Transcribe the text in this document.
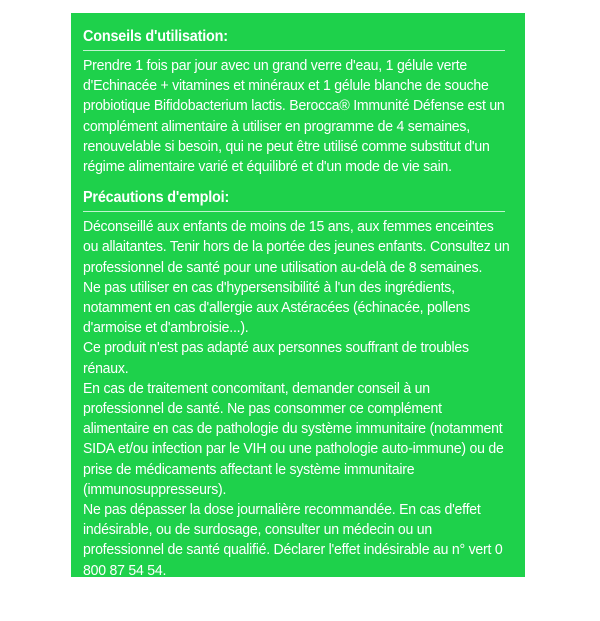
Conseils d'utilisation:

Prendre 1 fois par jour avec un grand verre d'eau, 1 gélule verte d'Echinacée + vitamines et minéraux et 1 gélule blanche de souche probiotique Bifidobacterium lactis. Berocca® Immunité Défense est un complément alimentaire à utiliser en programme de 4 semaines, renouvelable si besoin, qui ne peut être utilisé comme substitut d'un régime alimentaire varié et équilibré et d'un mode de vie sain.

Précautions d'emploi:

Déconseillé aux enfants de moins de 15 ans, aux femmes enceintes ou allaitantes. Tenir hors de la portée des jeunes enfants. Consultez un professionnel de santé pour une utilisation au-delà de 8 semaines.

Ne pas utiliser en cas d'hypersensibilité à l'un des ingrédients, notamment en cas d'allergie aux Astéracées (échinacée, pollens d'armoise et d'ambroisie...).

Ce produit n'est pas adapté aux personnes souffrant de troubles rénaux.

En cas de traitement concomitant, demander conseil à un professionnel de santé. Ne pas consommer ce complément alimentaire en cas de pathologie du système immunitaire (notamment SIDA et/ou infection par le VIH ou une pathologie auto-immune) ou de prise de médicaments affectant le système immunitaire (immunosuppresseurs).

Ne pas dépasser la dose journalière recommandée. En cas d'effet indésirable, ou de surdosage, consulter un médecin ou un professionnel de santé qualifié. Déclarer l'effet indésirable au n° vert 0 800 87 54 54.

Conserver à une température ne dépassant pas 25°C, à l'abri de la lumière et de l'humidité.
